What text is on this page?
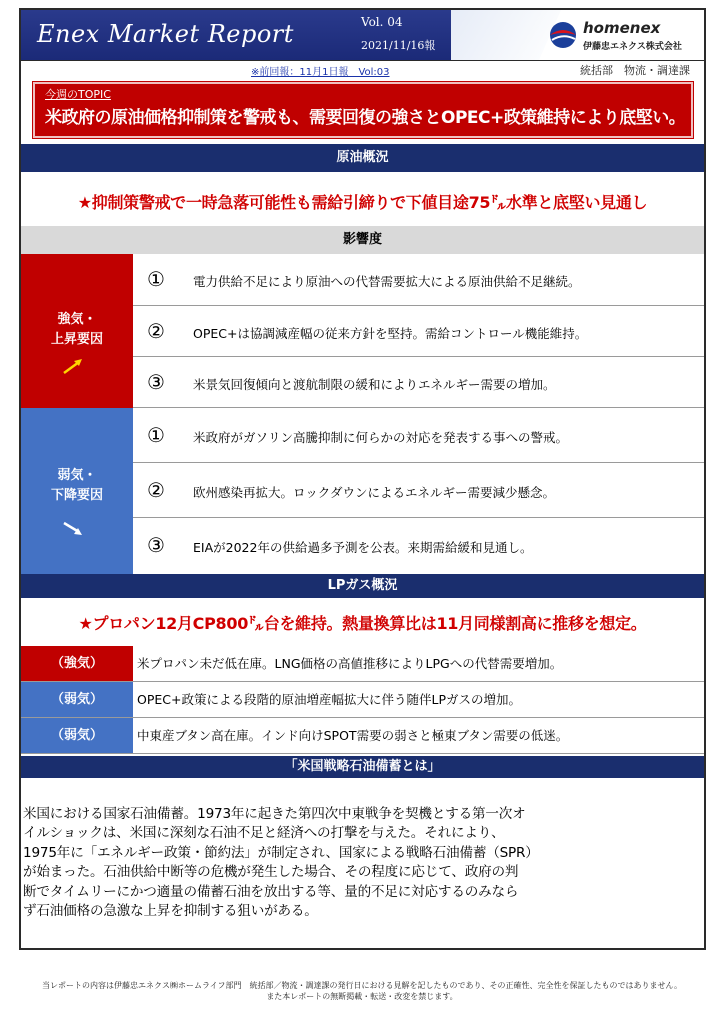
Enex Market Report	Vol. 04
2021/11/16報
homenex
伊藤忠エネクス株式会社
※前回報：11月1日報　Vol:03	統括部　物流・調達課
今週のTOPIC
米政府の原油価格抑制策を警戒も、需要回復の強さとOPEC+政策維持により底堅い。
原油概況
★抑制策警戒で一時急落可能性も需給引締りで下値目途75㌦水準と底堅い見通し
影響度
強気・
上昇要因
① 電力供給不足により原油への代替需要拡大による原油供給不足継続。
② OPEC+は協調減産幅の従来方針を堅持。需給コントロール機能維持。
③ 米景気回復傾向と渡航制限の緩和によりエネルギー需要の増加。
弱気・
下降要因
① 米政府がガソリン高騰抑制に何らかの対応を発表する事への警戒。
② 欧州感染再拡大。ロックダウンによるエネルギー需要減少懸念。
③ EIAが2022年の供給過多予測を公表。来期需給緩和見通し。
LPガス概況
★プロパン12月CP800㌦台を維持。熱量換算比は11月同様割高に推移を想定。
（強気）	米プロパン未だ低在庫。LNG価格の高値推移によりLPGへの代替需要増加。
（弱気）	OPEC+政策による段階的原油増産幅拡大に伴う随伴LPガスの増加。
（弱気）	中東産ブタン高在庫。インド向けSPOT需要の弱さと極東ブタン需要の低迷。
「米国戦略石油備蓄とは」
米国における国家石油備蓄。1973年に起きた第四次中東戦争を契機とする第一次オ
イルショックは、米国に深刻な石油不足と経済への打撃を与えた。それにより、
1975年に「エネルギー政策・節約法」が制定され、国家による戦略石油備蓄（SPR）
が始まった。石油供給中断等の危機が発生した場合、その程度に応じて、政府の判
断でタイムリーにかつ適量の備蓄石油を放出する等、量的不足に対応するのみなら
ず石油価格の急激な上昇を抑制する狙いがある。
当レポートの内容は伊藤忠エネクス㈱ホームライフ部門　統括部／物流・調達課の発行日における見解を記したものであり、その正確性、完全性を保証したものではありません。
また本レポートの無断掲載・転送・改変を禁じます。
